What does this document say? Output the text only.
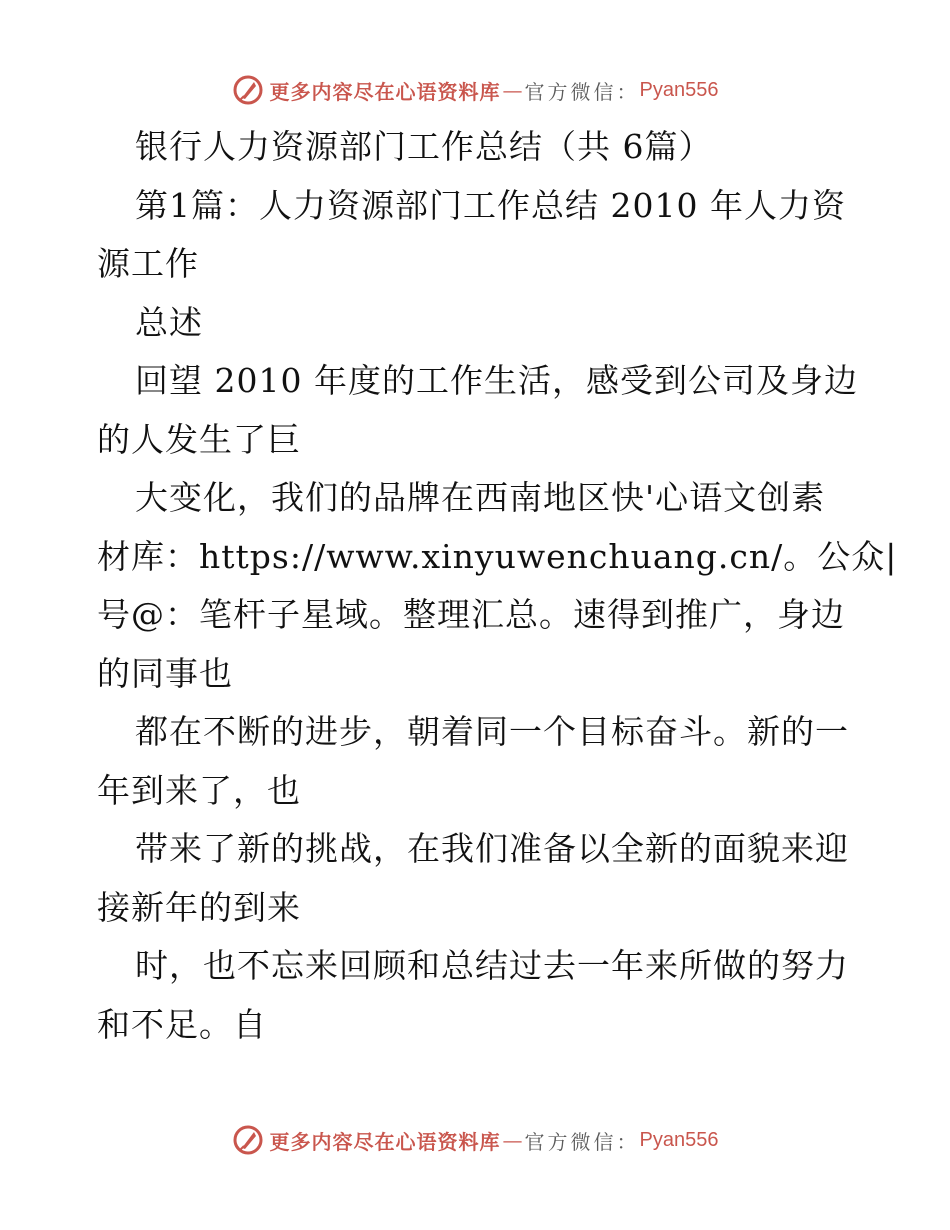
更多内容尽在心语资料库 — 官方微信： Pyan556
银行人力资源部门工作总结（共 6篇）
第1篇：人力资源部门工作总结 2010 年人力资
源工作
总述
回望 2010 年度的工作生活，感受到公司及身边
的人发生了巨
大变化，我们的品牌在西南地区快'心语文创素
材库：https://www.xinyuwenchuang.cn/。公众|
号@：笔杆子星域。整理汇总。速得到推广，身边
的同事也
都在不断的进步，朝着同一个目标奋斗。新的一
年到来了，也
带来了新的挑战，在我们准备以全新的面貌来迎
接新年的到来
时，也不忘来回顾和总结过去一年来所做的努力
和不足。自
更多内容尽在心语资料库 — 官方微信： Pyan556
